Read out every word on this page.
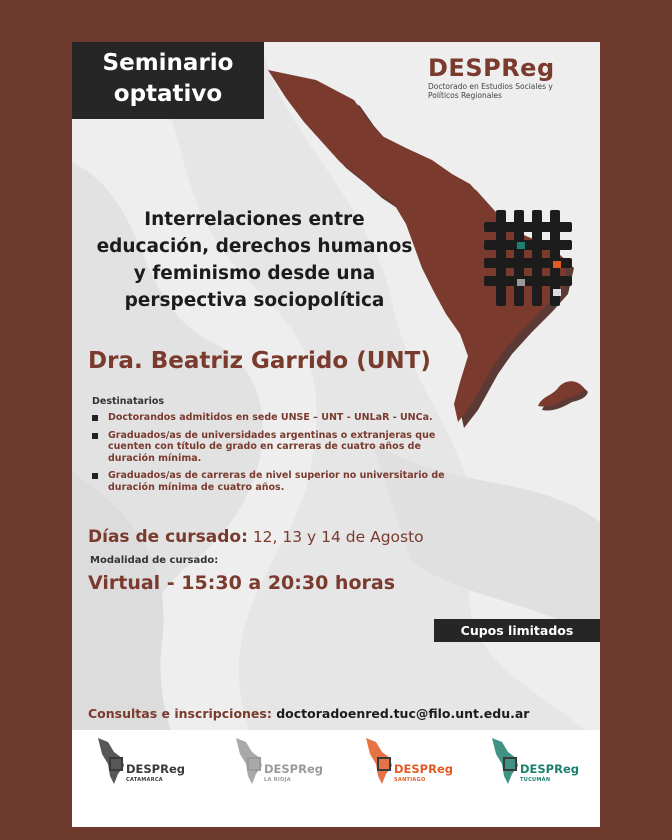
Seminario
optativo
DESPReg
Doctorado en Estudios Sociales y Políticos Regionales
Interrelaciones entre
educación, derechos humanos
y feminismo desde una
perspectiva sociopolítica
Dra. Beatriz Garrido (UNT)
Destinatarios
Doctorandos admitidos en sede UNSE – UNT - UNLaR - UNCa.
Graduados/as de universidades argentinas o extranjeras que cuenten con título de grado en carreras de cuatro años de duración mínima.
Graduados/as de carreras de nivel superior no universitario de duración mínima de cuatro años.
Días de cursado: 12, 13 y 14 de Agosto
Modalidad de cursado:
Virtual - 15:30 a 20:30 horas
Cupos limitados
Consultas e inscripciones: doctoradoenred.tuc@filo.unt.edu.ar
DESPReg
CATAMARCA
DESPReg
LA RIOJA
DESPReg
SANTIAGO
DESPReg
TUCUMÁN
